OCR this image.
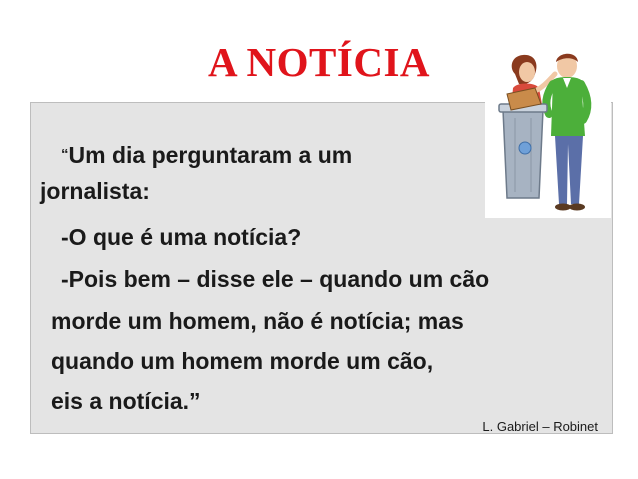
A NOTÍCIA
“Um dia perguntaram a um
jornalista:
-O que é uma notícia?
-Pois bem – disse ele – quando um cão
morde um homem, não é notícia; mas
quando um homem morde um cão,
eis a notícia.”
L. Gabriel – Robinet
